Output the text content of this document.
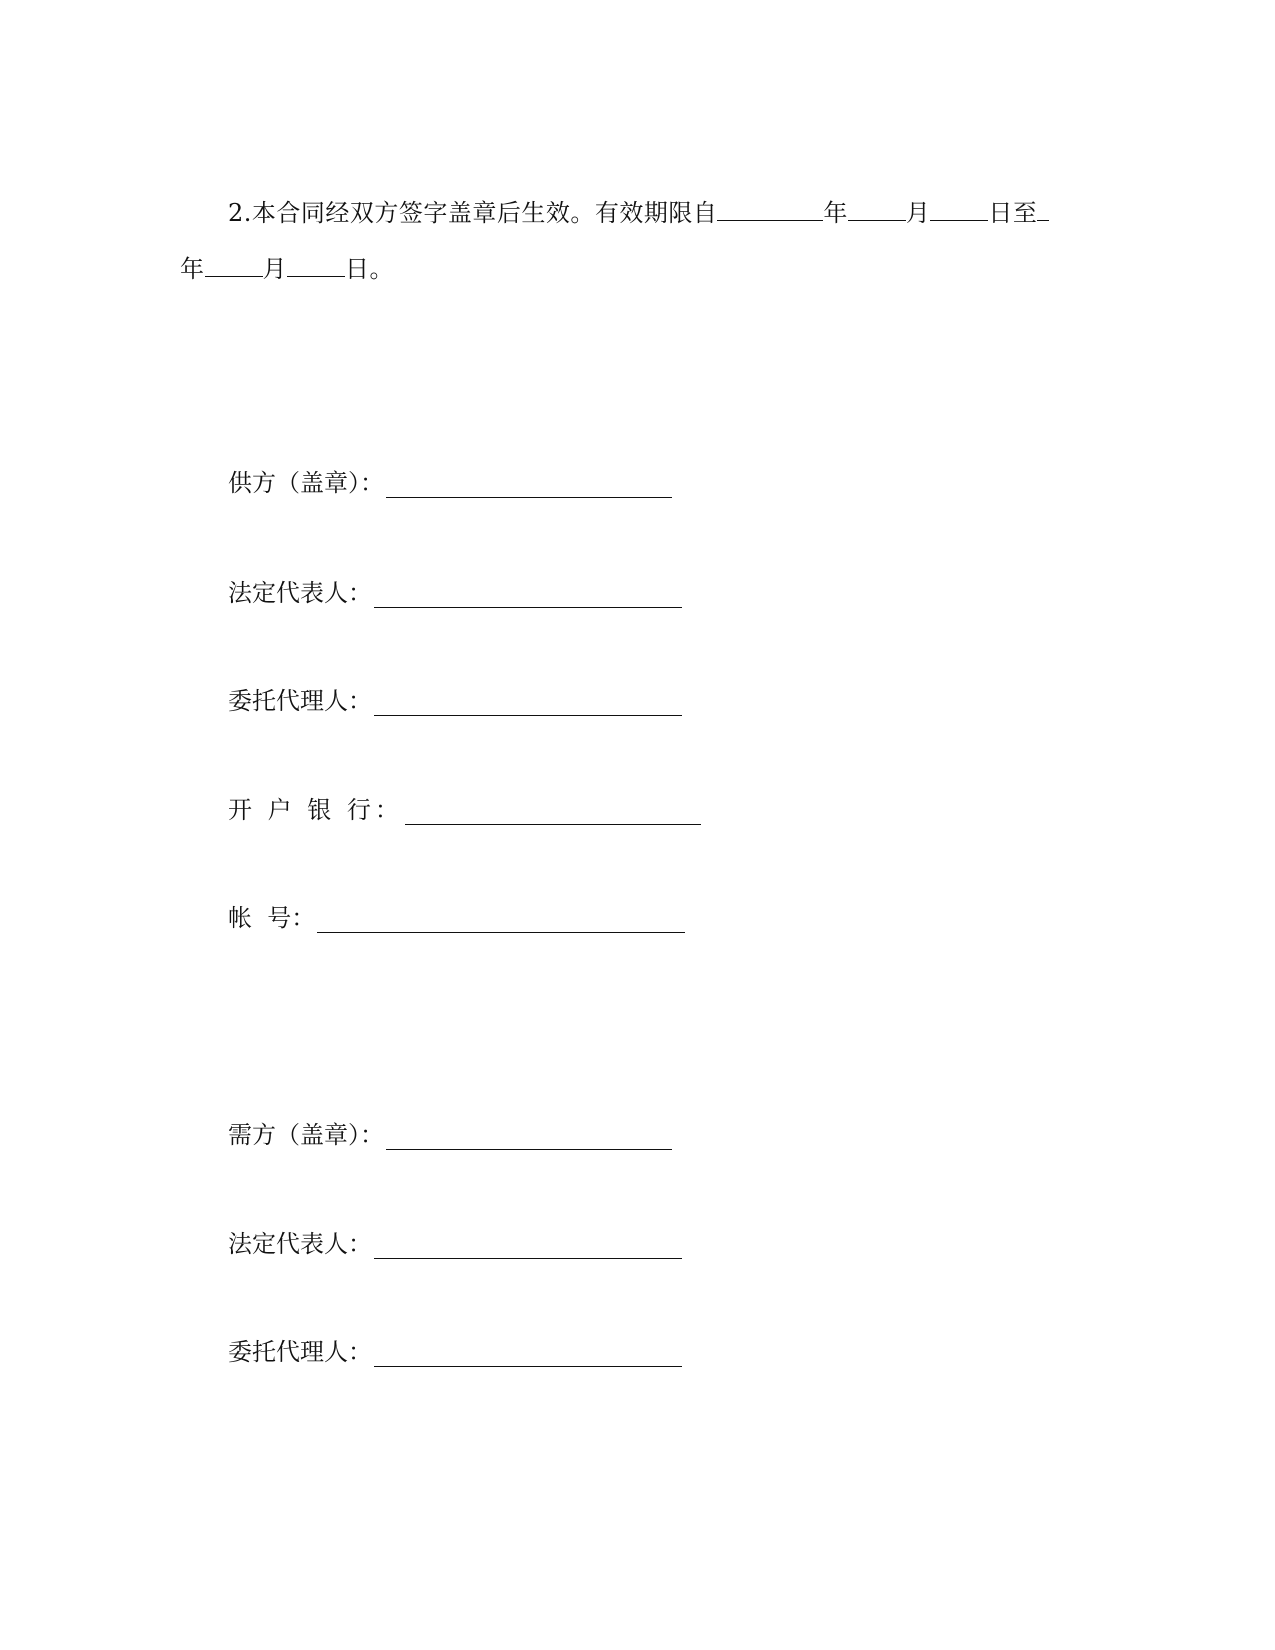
2.本合同经双方签字盖章后生效。有效期限自	年 月 日至
年 月 日。
供方（盖章）：
法定代表人：
委托代理人：
开 户 银 行：
帐  号：
需方（盖章）：
法定代表人：
委托代理人：
